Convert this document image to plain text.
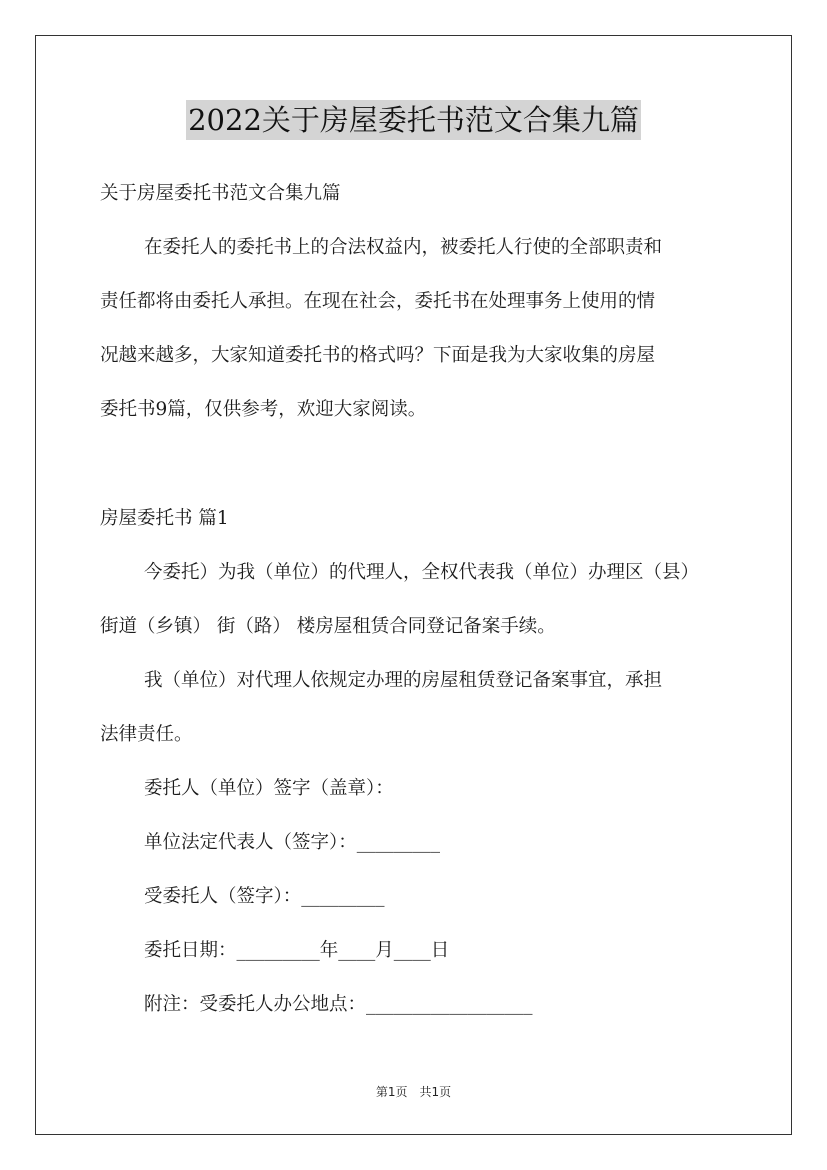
2022关于房屋委托书范文合集九篇
关于房屋委托书范文合集九篇
在委托人的委托书上的合法权益内，被委托人行使的全部职责和
责任都将由委托人承担。在现在社会，委托书在处理事务上使用的情
况越来越多，大家知道委托书的格式吗？下面是我为大家收集的房屋
委托书9篇，仅供参考，欢迎大家阅读。
房屋委托书 篇1
今委托）为我（单位）的代理人，全权代表我（单位）办理区（县）
街道（乡镇） 街（路） 楼房屋租赁合同登记备案手续。
我（单位）对代理人依规定办理的房屋租赁登记备案事宜，承担
法律责任。
委托人（单位）签字（盖章）：
单位法定代表人（签字）：_________
受委托人（签字）：_________
委托日期：_________年____月____日
附注：受委托人办公地点：__________________
第1页　共1页
